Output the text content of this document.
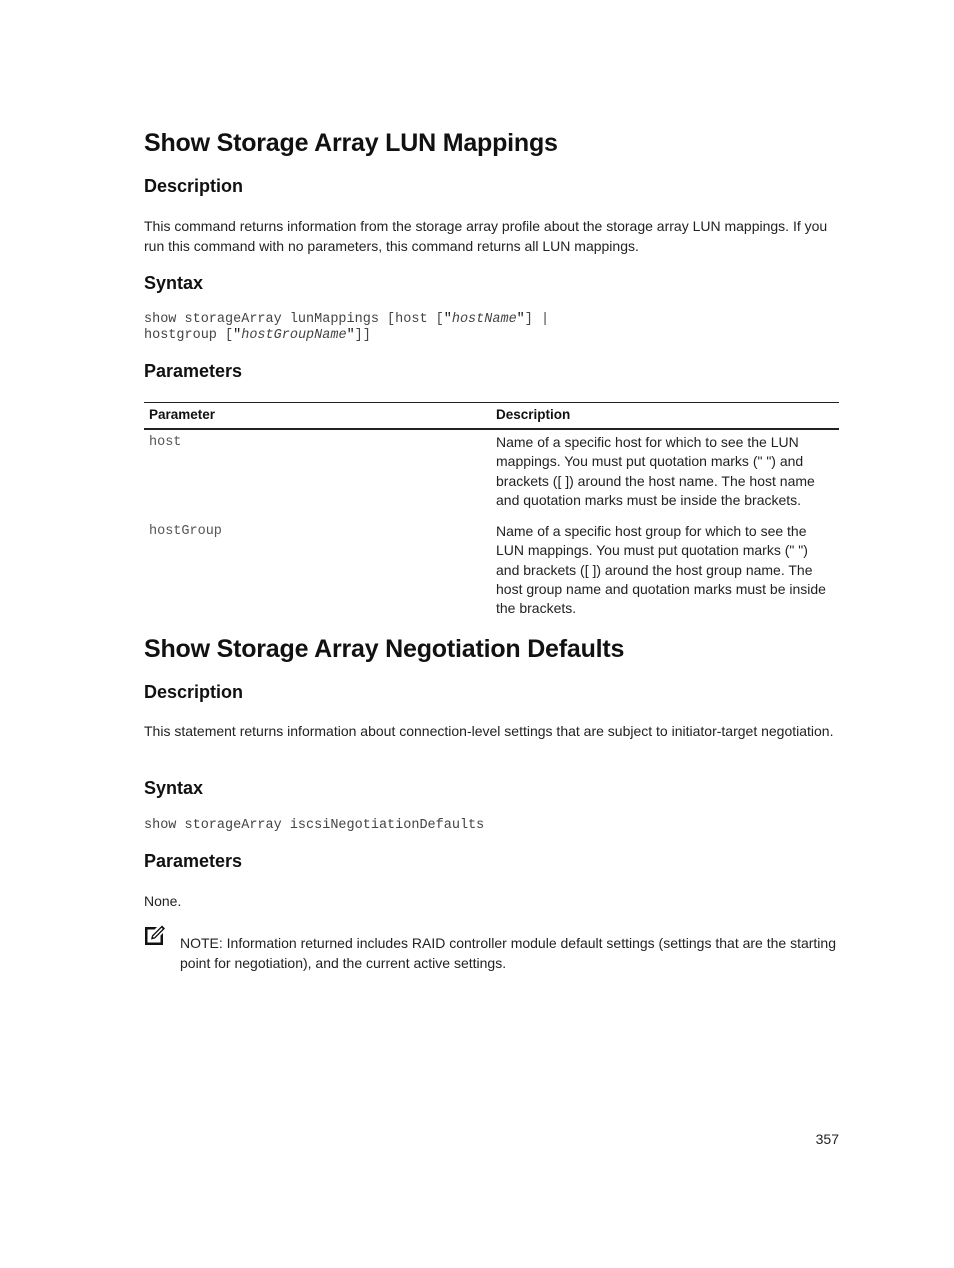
Show Storage Array LUN Mappings
Description

This command returns information from the storage array profile about the storage array LUN mappings. If you run this command with no parameters, this command returns all LUN mappings.

Syntax
show storageArray lunMappings [host ["hostName"] |
hostgroup ["hostGroupName"]]
Parameters
Parameter	Description
host	Name of a specific host for which to see the LUN mappings. You must put quotation marks (" ") and brackets ([ ]) around the host name. The host name and quotation marks must be inside the brackets.
hostGroup	Name of a specific host group for which to see the LUN mappings. You must put quotation marks (" ") and brackets ([ ]) around the host group name. The host group name and quotation marks must be inside the brackets.
Show Storage Array Negotiation Defaults
Description

This statement returns information about connection-level settings that are subject to initiator-target negotiation.

Syntax
show storageArray iscsiNegotiationDefaults
Parameters

None.

NOTE: Information returned includes RAID controller module default settings (settings that are the starting point for negotiation), and the current active settings.

357
